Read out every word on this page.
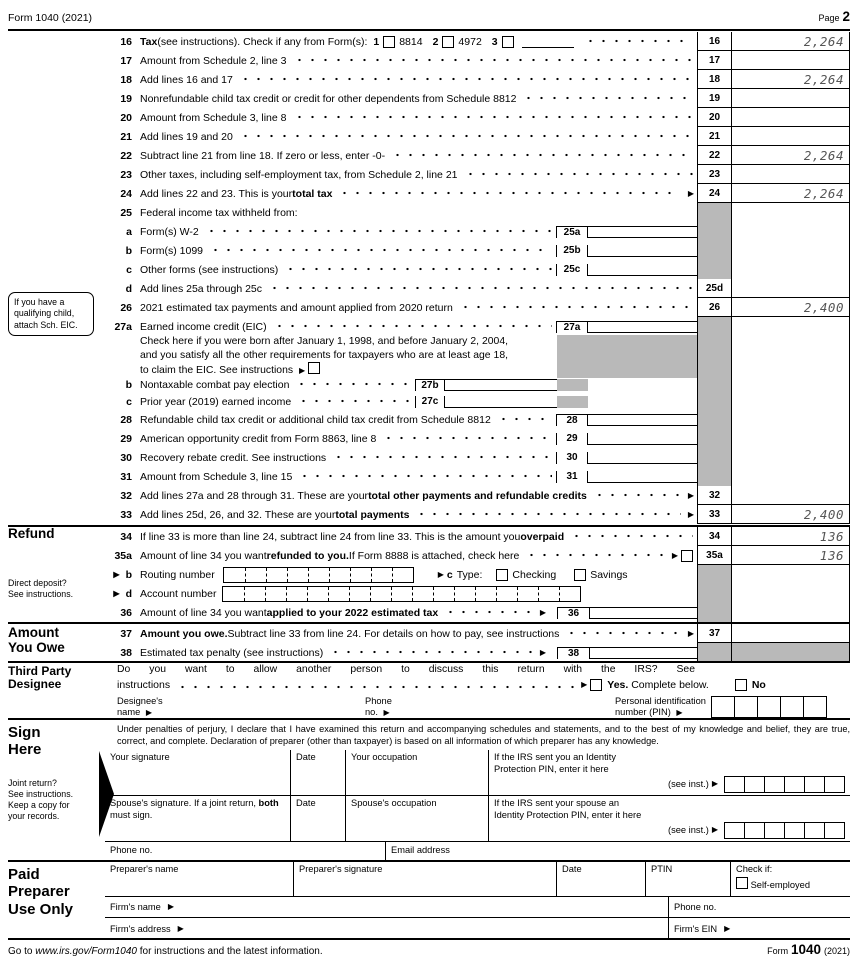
Form 1040 (2021)	Page 2
16 Tax (see instructions). Check if any from Form(s): 1 8814 2 4972 3	16	2,264
17 Amount from Schedule 2, line 3	17
18 Add lines 16 and 17	18	2,264
19 Nonrefundable child tax credit or credit for other dependents from Schedule 8812	19
20 Amount from Schedule 3, line 8	20
21 Add lines 19 and 20	21
22 Subtract line 21 from line 18. If zero or less, enter -0-	22	2,264
23 Other taxes, including self-employment tax, from Schedule 2, line 21	23
24 Add lines 22 and 23. This is your total tax	▶	24	2,264
25 Federal income tax withheld from:
a Form(s) W-2	25a
b Form(s) 1099	25b
c Other forms (see instructions)	25c
d Add lines 25a through 25c	25d
26 2021 estimated tax payments and amount applied from 2020 return	26	2,400
27a Earned income credit (EIC)	27a
Check here if you were born after January 1, 1998, and before January 2, 2004, and you satisfy all the other requirements for taxpayers who are at least age 18, to claim the EIC. See instructions ▶
b Nontaxable combat pay election	27b
c Prior year (2019) earned income	27c
28 Refundable child tax credit or additional child tax credit from Schedule 8812	28
29 American opportunity credit from Form 8863, line 8	29
30 Recovery rebate credit. See instructions	30
31 Amount from Schedule 3, line 15	31
32 Add lines 27a and 28 through 31. These are your total other payments and refundable credits	▶	32
33 Add lines 25d, 26, and 32. These are your total payments	▶	33	2,400
34 If line 33 is more than line 24, subtract line 24 from line 33. This is the amount you overpaid	34	136
35a Amount of line 34 you want refunded to you. If Form 8888 is attached, check here	▶	35a	136
▶ b Routing number	▶ c Type:	Checking	Savings
▶ d Account number
36 Amount of line 34 you want applied to your 2022 estimated tax	▶	36
37 Amount you owe. Subtract line 33 from line 24. For details on how to pay, see instructions	▶	37
38 Estimated tax penalty (see instructions)	▶	38
Do you want to allow another person to discuss this return with the IRS? See
instructions	▶ Yes. Complete below.	No
Designee's
name ▶
Phone
no. ▶
Personal identification
number (PIN) ▶
Under penalties of perjury, I declare that I have examined this return and accompanying schedules and statements, and to the best of my knowledge and belief, they are true, correct, and complete. Declaration of preparer (other than taxpayer) is based on all information of which preparer has any knowledge.
Your signature	Date	Your occupation	If the IRS sent you an Identity
Protection PIN, enter it here
(see inst.) ▶
Spouse's signature. If a joint return, both must sign.
Date	Spouse's occupation	If the IRS sent your spouse an
Identity Protection PIN, enter it here
(see inst.) ▶
Phone no.	Email address
Preparer's name	Preparer's signature	Date	PTIN	Check if:
Self-employed
Firm's name ▶	Phone no.
Firm's address ▶	Firm's EIN ▶
Go to www.irs.gov/Form1040 for instructions and the latest information.	Form 1040 (2021)
If you have a qualifying child, attach Sch. EIC.
Refund
Direct deposit?
See instructions.
Amount
You Owe
Third Party
Designee
Sign
Here
Joint return?
See instructions.
Keep a copy for
your records.
Paid
Preparer
Use Only
